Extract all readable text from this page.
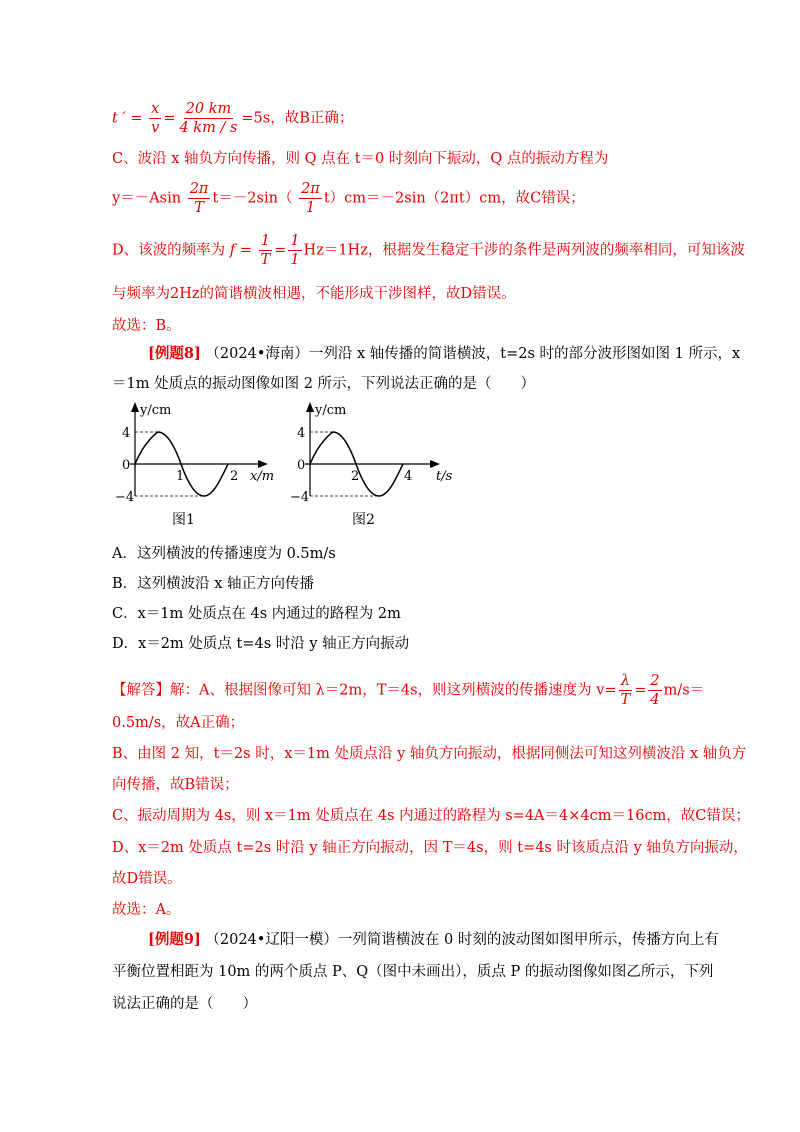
t ′ = $\frac{x}{v} = \frac{20 km}{4 km / s} =5s$，故B正确；
C、波沿 x 轴负方向传播，则 Q 点在 t＝0 时刻向下振动，Q 点的振动方程为
$y=-Asin \frac{2\pi}{T} t=-2\sin( \frac{2\pi}{1} t)cm=-2\sin(2\pi t)cm$，故C错误；
D、该波的频率为 $f = \frac{1}{T} = \frac{1}{1} Hz=1Hz$，根据发生稳定干涉的条件是两列波的频率相同，可知该波
与频率为2Hz的简谐横波相遇，不能形成干涉图样，故D错误。
故选：B。
[例题8] （2024•海南）一列沿 x 轴传播的简谐横波，t=2s 时的部分波形图如图 1 所示，x
＝1m 处质点的振动图像如图 2 所示，下列说法正确的是（　　）
y/cm
4
0
−4
1	2 x/m
图1
y/cm
4
0
−4
2	4 t/s
图2
A．这列横波的传播速度为 0.5m/s
B．这列横波沿 x 轴正方向传播
C．x＝1m 处质点在 4s 内通过的路程为 2m
D．x＝2m 处质点 t=4s 时沿 y 轴正方向振动
【解答】解：A、根据图像可知 λ＝2m，T＝4s，则这列横波的传播速度为 $v= \frac{\lambda}{T} = \frac{2}{4} m/s=$
0.5m/s，故A正确；
B、由图 2 知，t＝2s 时，x＝1m 处质点沿 y 轴负方向振动，根据同侧法可知这列横波沿 x 轴负方
向传播，故B错误；
C、振动周期为 4s，则 x＝1m 处质点在 4s 内通过的路程为 s=4A＝4×4cm＝16cm，故C错误；
D、x＝2m 处质点 t=2s 时沿 y 轴正方向振动，因 T＝4s，则 t=4s 时该质点沿 y 轴负方向振动，
故D错误。
故选：A。
[例题9] （2024•辽阳一模）一列简谐横波在 0 时刻的波动图如图甲所示，传播方向上有
平衡位置相距为 10m 的两个质点 P、Q（图中未画出），质点 P 的振动图像如图乙所示，下列
说法正确的是（　　）
